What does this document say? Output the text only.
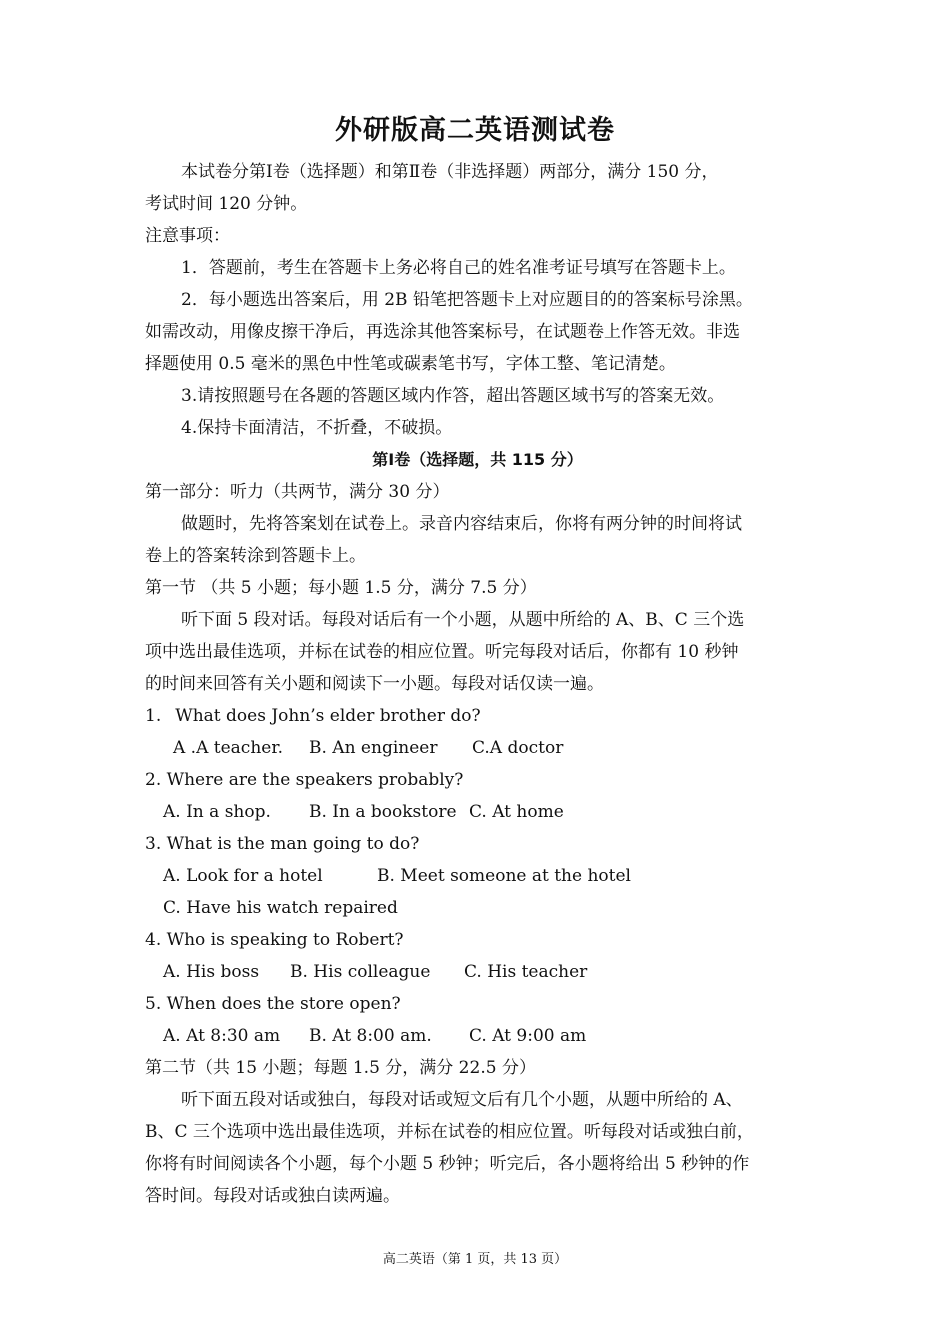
外研版高二英语测试卷
本试卷分第Ⅰ卷（选择题）和第Ⅱ卷（非选择题）两部分，满分 150 分，
考试时间 120 分钟。
注意事项：
1．答题前，考生在答题卡上务必将自己的姓名准考证号填写在答题卡上。
2．每小题选出答案后，用 2B 铅笔把答题卡上对应题目的的答案标号涂黑。
如需改动，用像皮擦干净后，再选涂其他答案标号，在试题卷上作答无效。非选
择题使用 0.5 毫米的黑色中性笔或碳素笔书写，字体工整、笔记清楚。
3.请按照题号在各题的答题区域内作答，超出答题区域书写的答案无效。
4.保持卡面清洁，不折叠，不破损。
第Ⅰ卷（选择题，共 115 分）
第一部分：听力（共两节，满分 30 分）
做题时，先将答案划在试卷上。录音内容结束后，你将有两分钟的时间将试
卷上的答案转涂到答题卡上。
第一节 （共 5 小题；每小题 1.5 分，满分 7.5 分）
听下面 5 段对话。每段对话后有一个小题，从题中所给的 A、B、C 三个选
项中选出最佳选项，并标在试卷的相应位置。听完每段对话后，你都有 10 秒钟
的时间来回答有关小题和阅读下一小题。每段对话仅读一遍。
1. What does John’s elder brother do?
A .A teacher. B. An engineer C.A doctor
2. Where are the speakers probably?
A. In a shop. B. In a bookstore C. At home
3. What is the man going to do?
A. Look for a hotel	B. Meet someone at the hotel
C. Have his watch repaired
4. Who is speaking to Robert?
A. His boss B. His colleague C. His teacher
5. When does the store open?
A. At 8:30 am B. At 8:00 am. C. At 9:00 am
第二节（共 15 小题；每题 1.5 分，满分 22.5 分）
听下面五段对话或独白，每段对话或短文后有几个小题，从题中所给的 A、
B、C 三个选项中选出最佳选项，并标在试卷的相应位置。听每段对话或独白前，
你将有时间阅读各个小题，每个小题 5 秒钟；听完后，各小题将给出 5 秒钟的作
答时间。每段对话或独白读两遍。
高二英语（第 1 页，共 13 页）
